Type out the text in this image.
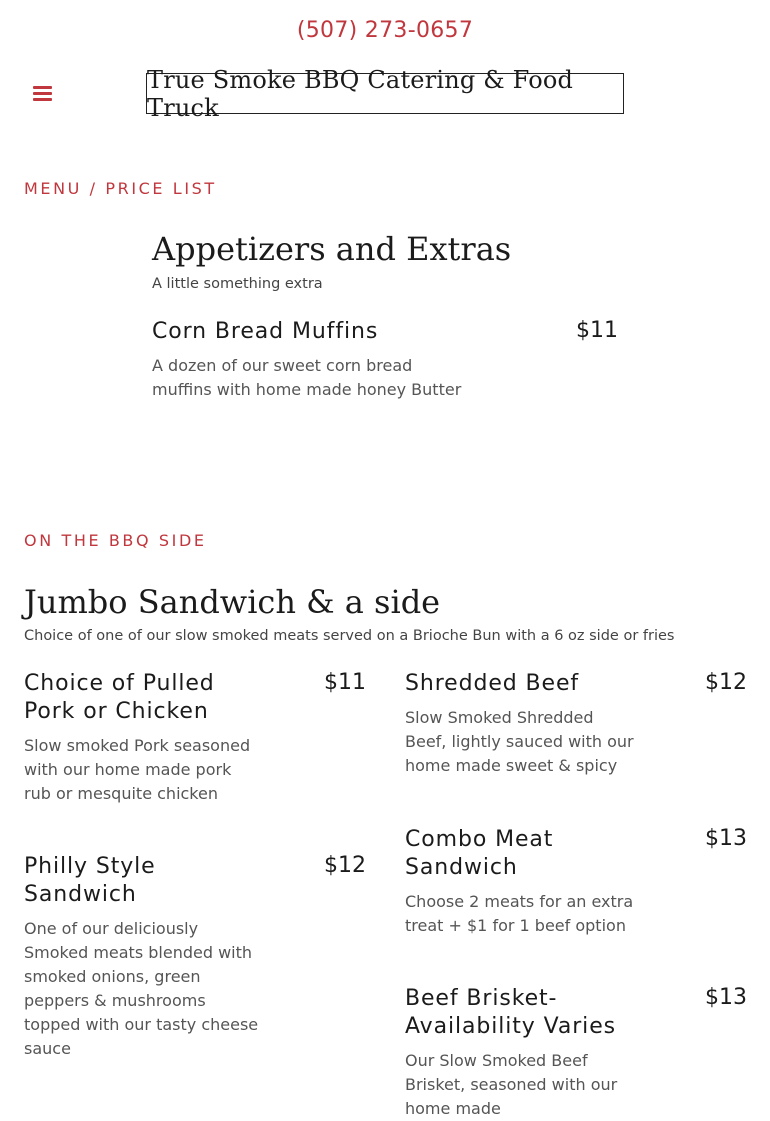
(507) 273-0657
True Smoke BBQ Catering & Food Truck
MENU / PRICE LIST
Appetizers and Extras
A little something extra
Corn Bread Muffins	$11
A dozen of our sweet corn bread muffins with home made honey Butter
ON THE BBQ SIDE
Jumbo Sandwich & a side
Choice of one of our slow smoked meats served on a Brioche Bun with a 6 oz side or fries
Choice of Pulled Pork or Chicken
$11
Slow smoked Pork seasoned with our home made pork rub or mesquite chicken
Philly Style Sandwich
$12
One of our deliciously Smoked meats blended with smoked onions, green peppers & mushrooms topped with our tasty cheese sauce
Shredded Beef	$12
Slow Smoked Shredded Beef, lightly sauced with our home made sweet & spicy
Combo Meat Sandwich
$13
Choose 2 meats for an extra treat + $1 for 1 beef option
Beef Brisket- Availability Varies
$13
Our Slow Smoked Beef Brisket, seasoned with our home made
